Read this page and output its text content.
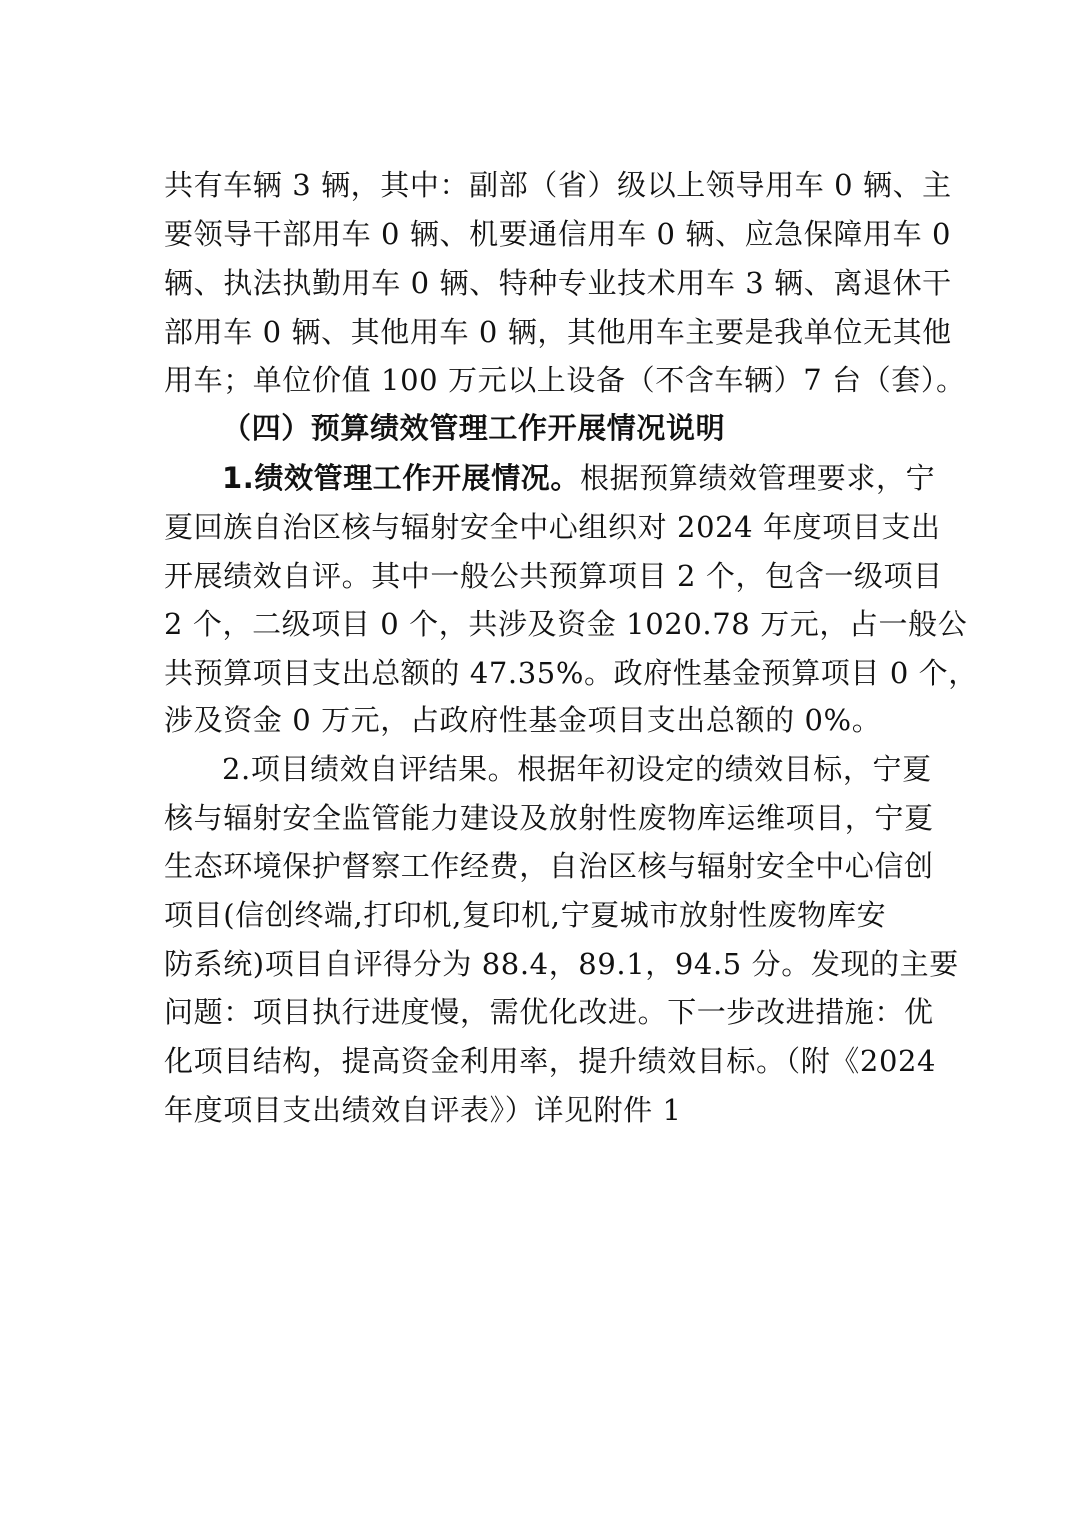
共有车辆 3 辆，其中：副部（省）级以上领导用车 0 辆、主
要领导干部用车 0 辆、机要通信用车 0 辆、应急保障用车 0
辆、执法执勤用车 0 辆、特种专业技术用车 3 辆、离退休干
部用车 0 辆、其他用车 0 辆，其他用车主要是我单位无其他
用车；单位价值 100 万元以上设备（不含车辆）7 台（套）。
（四）预算绩效管理工作开展情况说明
1.绩效管理工作开展情况。根据预算绩效管理要求，宁
夏回族自治区核与辐射安全中心组织对 2024 年度项目支出
开展绩效自评。其中一般公共预算项目 2 个，包含一级项目
2 个，二级项目 0 个，共涉及资金 1020.78 万元，占一般公
共预算项目支出总额的 47.35%。政府性基金预算项目 0 个，
涉及资金 0 万元，占政府性基金项目支出总额的 0%。
2.项目绩效自评结果。根据年初设定的绩效目标，宁夏
核与辐射安全监管能力建设及放射性废物库运维项目，宁夏
生态环境保护督察工作经费，自治区核与辐射安全中心信创
项目(信创终端,打印机,复印机,宁夏城市放射性废物库安
防系统)项目自评得分为 88.4，89.1，94.5 分。发现的主要
问题：项目执行进度慢，需优化改进。下一步改进措施：优
化项目结构，提高资金利用率，提升绩效目标。（附《2024
年度项目支出绩效自评表》）详见附件 1
